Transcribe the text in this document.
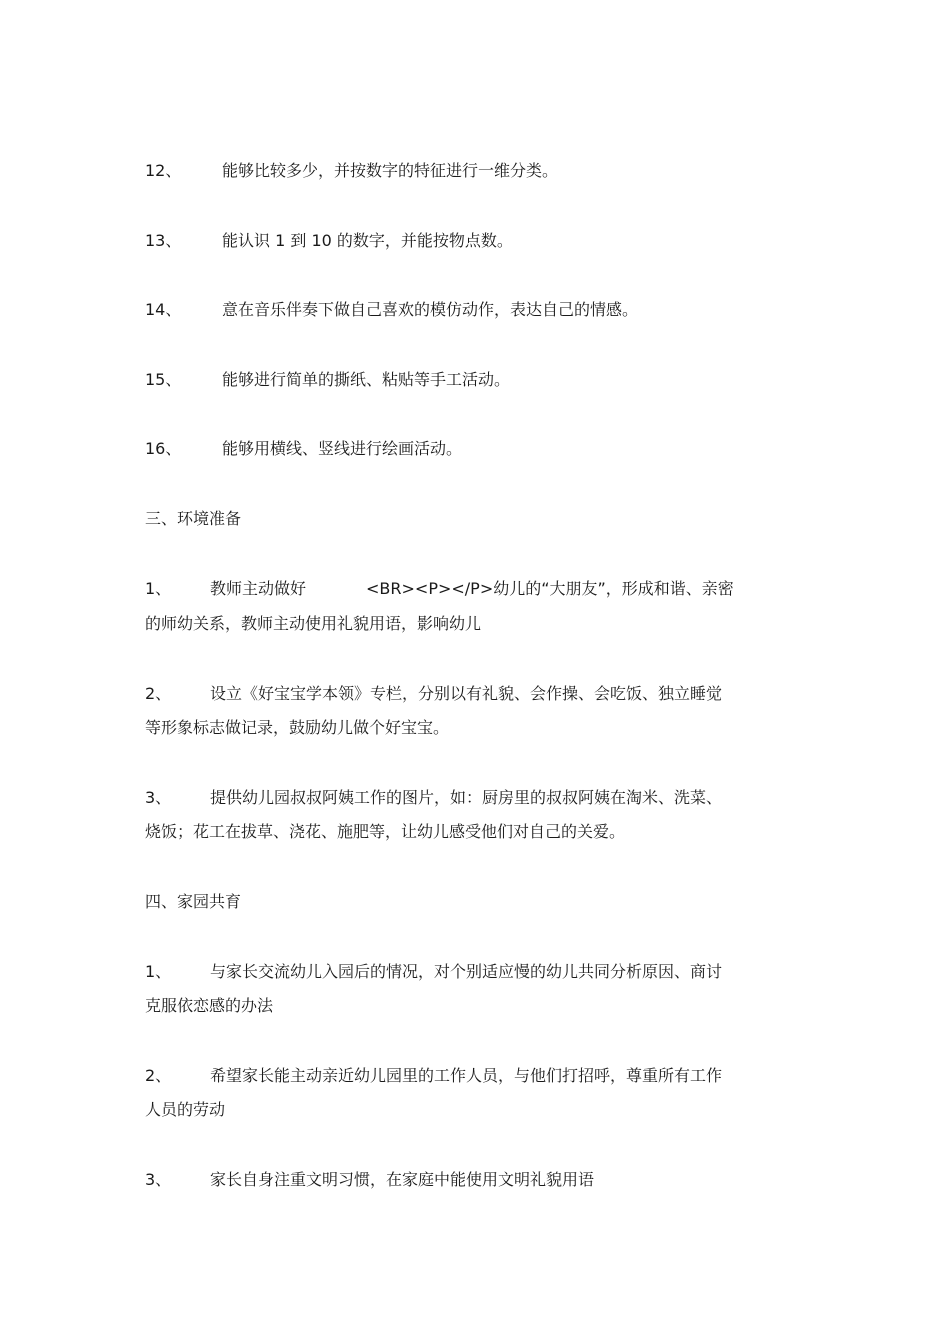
12、	能够比较多少，并按数字的特征进行一维分类。
13、	能认识 1 到 10 的数字，并能按物点数。
14、	意在音乐伴奏下做自己喜欢的模仿动作，表达自己的情感。
15、	能够进行简单的撕纸、粘贴等手工活动。
16、	能够用横线、竖线进行绘画活动。
三、环境准备
1、 教师主动做好	<BR><P></P>幼儿的“大朋友”，形成和谐、亲密
的师幼关系，教师主动使用礼貌用语，影响幼儿
2、 设立《好宝宝学本领》专栏，分别以有礼貌、会作操、会吃饭、独立睡觉
等形象标志做记录，鼓励幼儿做个好宝宝。
3、 提供幼儿园叔叔阿姨工作的图片，如：厨房里的叔叔阿姨在淘米、洗菜、
烧饭；花工在拔草、浇花、施肥等，让幼儿感受他们对自己的关爱。
四、家园共育
1、 与家长交流幼儿入园后的情况，对个别适应慢的幼儿共同分析原因、商讨
克服依恋感的办法
2、 希望家长能主动亲近幼儿园里的工作人员，与他们打招呼，尊重所有工作
人员的劳动
3、 家长自身注重文明习惯，在家庭中能使用文明礼貌用语
